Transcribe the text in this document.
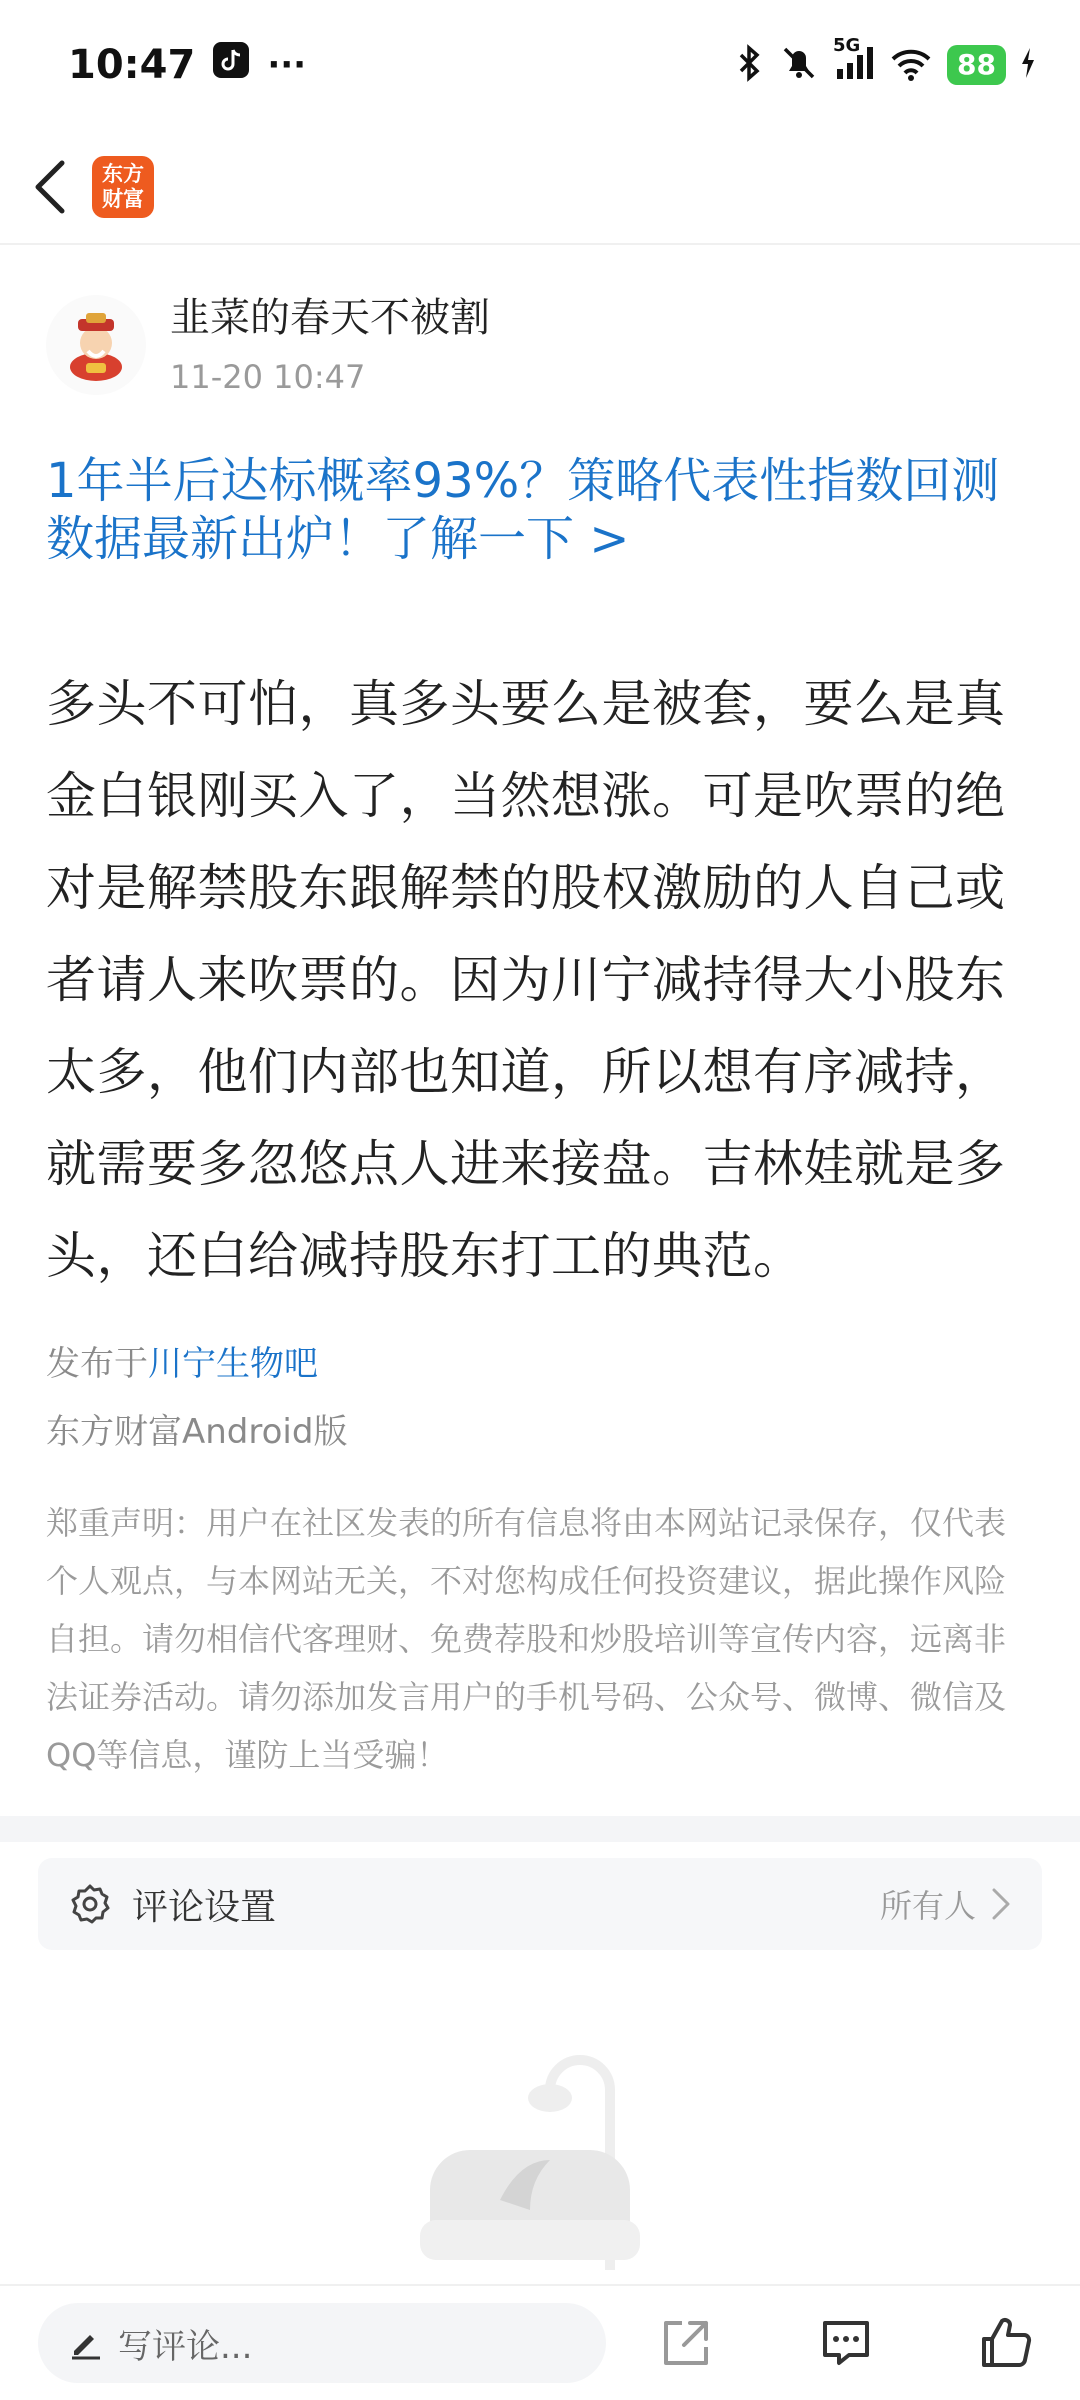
10:47 ···	5G
88
东方财富
韭菜的春天不被割
11-20 10:47
1年半后达标概率93%？策略代表性指数回测数据最新出炉！了解一下 >
多头不可怕，真多头要么是被套，要么是真金白银刚买入了，当然想涨。可是吹票的绝对是解禁股东跟解禁的股权激励的人自己或者请人来吹票的。因为川宁减持得大小股东太多，他们内部也知道，所以想有序减持，就需要多忽悠点人进来接盘。吉林娃就是多头，还白给减持股东打工的典范。
发布于川宁生物吧
东方财富Android版
郑重声明：用户在社区发表的所有信息将由本网站记录保存，仅代表个人观点，与本网站无关，不对您构成任何投资建议，据此操作风险自担。请勿相信代客理财、免费荐股和炒股培训等宣传内容，远离非法证券活动。请勿添加发言用户的手机号码、公众号、微博、微信及QQ等信息，谨防上当受骗！
评论设置	所有人
写评论...
